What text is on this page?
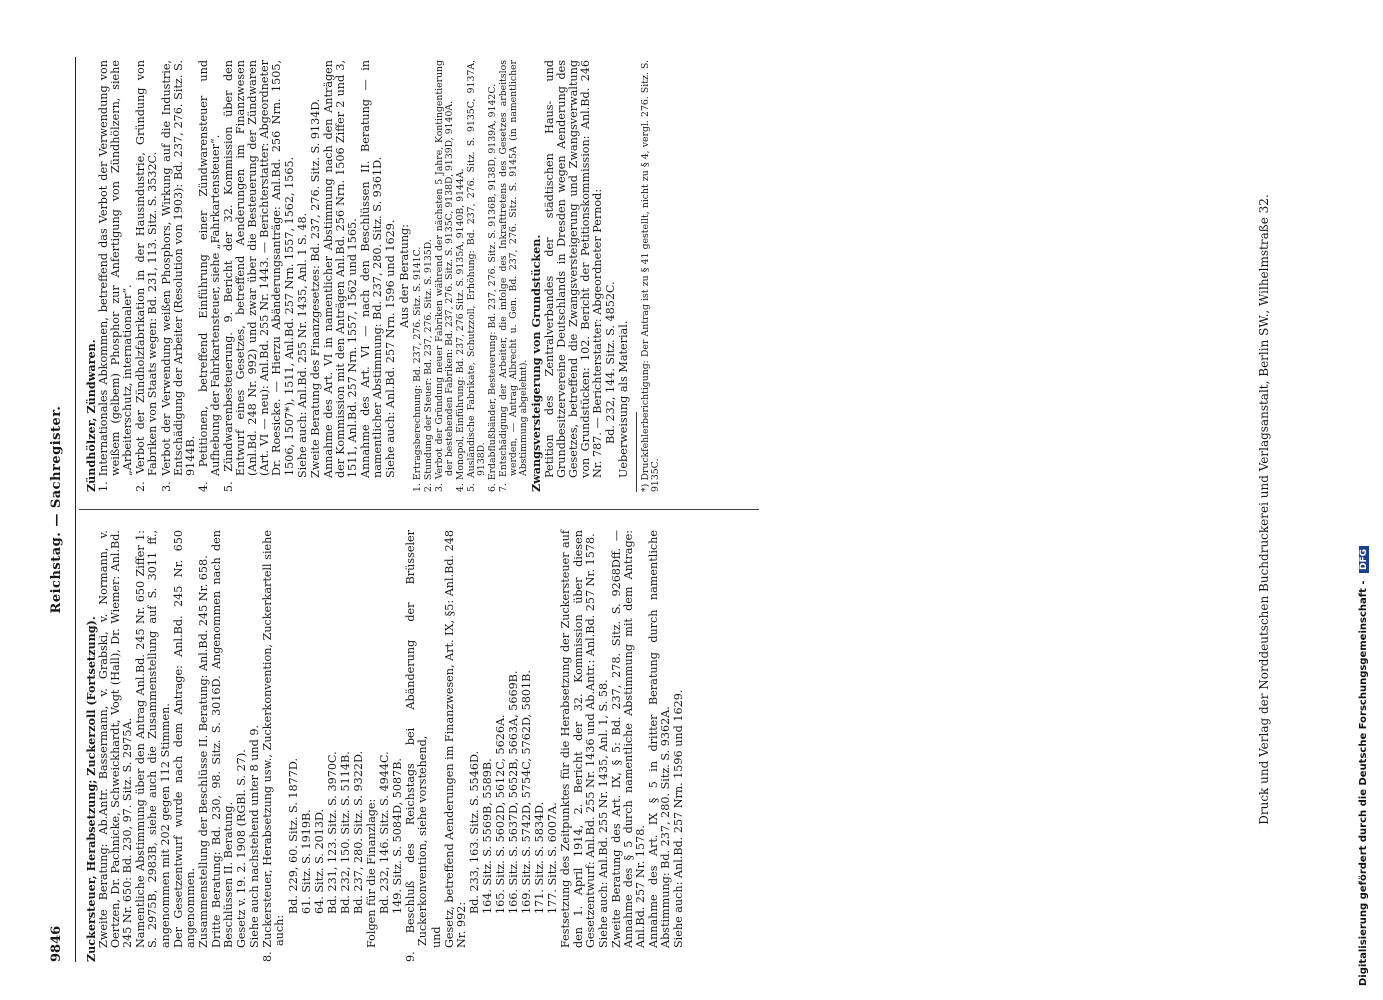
9846
Reichstag. — Sachregister.
Zuckersteuer, Herabsetzung; Zuckerzoll (Fortsetzung). Zweite Beratung: Ab.Antr. Bassermann, v. Grabski, v. Normann, v. Oertzen, Dr. Pachnicke, Schweickhardt, Vogt (Hall), Dr. Wiemer: Anl.Bd. 245 Nr. 650: Bd. 230, 97. Sitz. S. 2975A. Namentliche Abstimmung über den Antrag Anl.Bd. 245 Nr. 650 Ziffer 1: S. 2975B, 2983B, siehe auch die Zusammenstellung auf S. 3011 ff., angenommen mit 202 gegen 112 Stimmen. Der Gesetzentwurf wurde nach dem Antrage: Anl.Bd. 245 Nr. 650 angenommen. Zusammenstellung der Beschlüsse II. Beratung: Anl.Bd. 245 Nr. 658. Dritte Beratung: Bd. 230, 98. Sitz. S. 3016D. Angenommen nach den Beschlüssen II. Beratung. Gesetz v. 19. 2. 1908 (RGBl. S. 27). Siehe auch nachstehend unter 8 und 9. 8. Zuckersteuer, Herabsetzung usw., Zuckerkonvention, Zuckerkartell siehe auch:
Bd. 229, 60. Sitz. S. 1877D. 61. Sitz. S. 1919B. 64. Sitz. S. 2013D. Bd. 231, 123. Sitz. S. 3970C. Bd. 232, 150. Sitz. S. 5114B. Bd. 237, 280. Sitz. S. 9322D. Folgen für die Finanzlage: Bd. 232, 146. Sitz. S. 4944C. 149. Sitz. S. 5084D, 5087B. 9. Beschluß des Reichstags bei Abänderung der Brüsseler Zuckerkonvention, siehe vorstehend, und Gesetz, betreffend Aenderungen im Finanzwesen, Art. IX, §5: Anl.Bd. 248 Nr. 992:
Bd. 233, 163. Sitz. S. 5546D. 164. Sitz. S. 5569B, 5589B. 165. Sitz. S. 5602D, 5612C, 5626A. 166. Sitz. S. 5637D, 5652B, 5663A, 5669B. 169. Sitz. S. 5742D, 5754C, 5762D, 5801B. 171. Sitz. S. 5834D. 177. Sitz. S. 6007A. Festsetzung des Zeitpunktes für die Herabsetzung der Zuckersteuer auf den 1. April 1914, 2. Bericht der 32. Kommission über diesen Gesetzentwurf: Anl.Bd. 255 Nr. 1436 und Ab.Antr.: Anl.Bd. 257 Nr. 1578. Siehe auch: Anl.Bd. 255 Nr. 1435, Anl. 1, S. 58. Zweite Beratung des Art. IX, § 5: Bd. 237, 278. Sitz. S. 9268Dff. — Annahme des § 5 durch namentliche Abstimmung mit dem Antrage: Anl.Bd. 257 Nr. 1578. Annahme des Art. IX § 5 in dritter Beratung durch namentliche Abstimmung: Bd. 237, 280. Sitz. S. 9362A. Siehe auch: Anl.Bd. 257 Nrn. 1596 und 1629.
Zündhölzer, Zündwaren. 1. Internationales Abkommen, betreffend das Verbot der Verwendung von weißem (gelbem) Phosphor zur Anfertigung von Zündhölzern, siehe „Arbeiterschutz, internationaler“. 2. Verbot der Zündholzfabrikation in der Hausindustrie, Gründung von Fabriken von Staats wegen: Bd. 231, 113. Sitz. S. 3532C. 3. Verbot der Verwendung weißen Phosphors, Wirkung auf die Industrie, Entschädigung der Arbeiter (Resolution von 1903): Bd. 237, 276. Sitz. S. 9144B. 4. Petitionen, betreffend Einführung einer Zündwarensteuer und Aufhebung der Fahrkartensteuer, siehe „Fahrkartensteuer“. 5. Zündwarenbesteuerung. 9. Bericht der 32. Kommission über den Entwurf eines Gesetzes, betreffend Aenderungen im Finanzwesen (Anl.Bd. 248 Nr. 992) und zwar über die Besteuerung der Zündwaren (Art. VI — neu): Anl.Bd. 255 Nr. 1443. — Berichterstatter: Abgeordneter Dr. Roesicke. — Hierzu Abänderungsanträge: Anl.Bd. 256 Nrn. 1505, 1506, 1507*), 1511, Anl.Bd. 257 Nrn. 1557, 1562, 1565. Siehe auch: Anl.Bd. 255 Nr. 1435, Anl. 1 S. 48. Zweite Beratung des Finanzgesetzes: Bd. 237, 276. Sitz. S. 9134D. Annahme des Art. VI in namentlicher Abstimmung nach den Anträgen der Kommission mit den Anträgen Anl.Bd. 256 Nrn. 1506 Ziffer 2 und 3, 1511, Anl.Bd. 257 Nrn. 1557, 1562 und 1565. Annahme des Art. VI — nach den Beschlüssen II. Beratung — in namentlicher Abstimmung: Bd. 237, 280. Sitz. S. 9361D. Siehe auch: Anl.Bd. 257 Nrn. 1596 und 1629. Aus der Beratung: 1. Ertragsberechnung: Bd. 237, 276. Sitz. S. 9141C. 2. Stundung der Steuer: Bd. 237, 276. Sitz. S. 9135D. 3. Verbot der Gründung neuer Fabriken während der nächsten 5 Jahre, Kontingentierung der bestehenden Fabriken: Bd. 237, 276. Sitz. S. 9135C, 9138D, 9139D, 9140A. 4. Monopol, Einführung: Bd. 237, 276 Sitz. S. 9135A, 9140B, 9144A. 5. Ausländische Fabrikate, Schutzzoll, Erhöhung: Bd. 237, 276. Sitz. S. 9135C, 9137A, 9138D. 6. Erdabflußbänder, Besteuerung: Bd. 237, 276. Sitz. S. 9136B, 9138D, 9139A, 9142C. 7. Entschädigung der Arbeiter, die infolge des Inkrafttretens des Gesetzes arbeitslos werden, — Antrag Albrecht u. Gen. Bd. 237, 276. Sitz. S. 9145A (in namentlicher Abstimmung abgelehnt). Zwangsversteigerung von Grundstücken. Petition des Zentralverbandes der städtischen Haus- und Grundbesitzervereine Deutschlands in Dresden wegen Aenderung des Gesetzes, betreffend die Zwangsversteigerung und Zwangsverwaltung von Grundstücken: 102. Bericht der Petitionskommission: Anl.Bd. 246 Nr. 787. — Berichterstatter: Abgeordneter Pernod: Bd. 232, 144. Sitz. S. 4852C. Ueberweisung als Material. *) Druckfehlerberichtigung: Der Antrag ist zu § 41 gestellt, nicht zu § 4, vergl. 276. Sitz. S. 9135C.	Druck und Verlag der Norddeutschen Buchdruckerei und Verlagsanstalt, Berlin SW., Wilhelmstraße 32.	Digitalisierung gefördert durch die Deutsche Forschungsgemeinschaft - DFG
